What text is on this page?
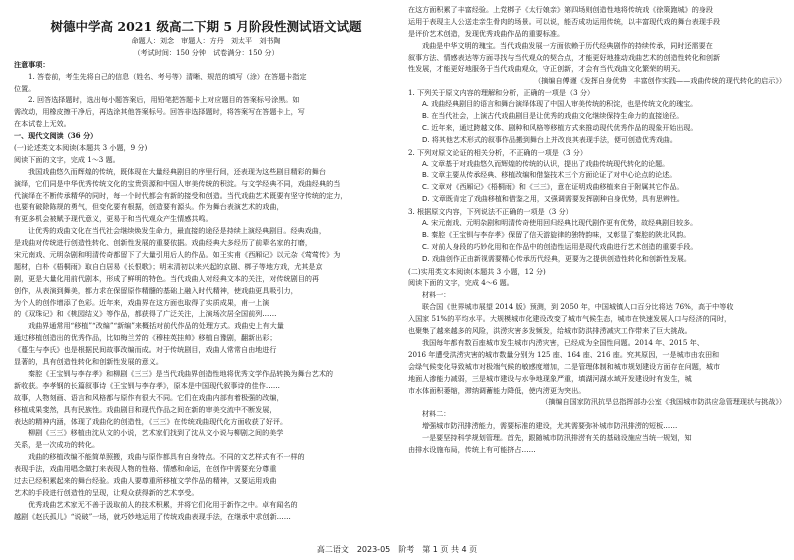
树德中学高 2021 级高二下期 5 月阶段性测试语文试题
命题人：刘念　审题人：方丹　刘太平　刘书陶
（考试时间：150 分钟　试卷满分：150 分）
注意事项：
1. 答卷前，考生先将自己的信息（姓名、考号等）清晰、规范的填写（涂）在答题卡指定
位置。
2. 回答选择题时，选出每小题答案后，用铅笔把答题卡上对应题目的答案标号涂黑。如
需改动，用橡皮擦干净后，再选涂其他答案标号。回答非选择题时，将答案写在答题卡上，写
在本试卷上无效。
一、现代文阅读（36 分）
(一)论述类文本阅读(本题共 3 小题，9 分)
阅读下面的文字，完成 1～3 题。
我国戏曲悠久而辉煌的传统，既体现在大量经典剧目的序里行间，还表现为这些剧目精彩的舞台
演绎，它们同是中华优秀传统文化的宝贵资源和中国人审美传统的积淀。与文学经典不同，戏曲经典的当
代演绎在不断传承精华的同时，每一个时代都会有新的接受和创造。当代戏曲艺术既要有坚守传统的定力，
也要有破除陈规的勇气，但变化要有根据，创造要有源头。作为舞台表演艺术的戏曲，
有更多机会被赋予现代意义，更易于和当代观众产生情感共鸣。
让优秀的戏曲文化在当代社会继续焕发生命力，最直接的途径是持续上演经典剧目。经典戏曲，
是戏曲对传统进行创造性转化、创新性发展的重要依据。戏曲经典大多经历了前辈名家的打磨，
宋元南戏、元明杂剧和明清传奇都留下了大量引用后人的作品。如王实甫《西厢记》以元杂《莺莺传》为
题材，白朴《梧桐雨》取自白居易《长恨歌》；明末清初以来兴起的京剧、梆子等地方戏，尤其是京
剧，更是大量化用前代剧本，形成了鲜明的特色。当代戏曲人对经典文本的关注，对传统剧目的再
创作，从表演到舞美，都力求在保留原作精髓的基础上融入时代精神，使戏曲更具吸引力，
为个人的创作增添了色彩。近年来，戏曲界在这方面也取得了实质成果，甫一上演
的《双珠记》和《桃园结义》等作品，都获得了广泛关注，上演场次居全国前列……
戏曲界通常用“移植”“改编”“新编”来概括对前代作品的处理方式。戏曲史上有大量
通过移植创造出的优秀作品，比如梅兰芳的《穆桂英挂帅》移植自豫剧，翻新出彩；
《蔓生与李氏》也是根据民间故事改编而成。对于传统剧目，戏曲人常常自由地进行
显著的，具有创造性转化和创新性发展的意义。
秦腔《王宝钏与李存孝》和柳剧《三三》是当代戏曲界创造性地将优秀文学作品转换为舞台艺术的
新收获。李孝钢的长篇叙事诗《王宝钏与李存孝》，原本是中国现代叙事诗的佳作……
故事，人物刻画、语言和风格都与原作有很大不同。它们在戏曲内部有着极强的改编，
移植成果斐然，具有民族性。戏曲剧目和现代作品之间在新的审美交流中不断发展，
表达的精神内涵，体现了戏曲化的创造性，《三三》在传统戏曲现代化方面收获了好评。
柳剧《三三》移植由沈从文的小说，艺术家们找到了沈从文小说与柳剧之间的美学
关系，是一次成功的转化。
戏曲的移植改编不能简单照搬，戏曲与原作都具有自身特点。不同的文艺样式有不一样的
表现手法，戏曲用唱念做打来表现人物的性格、情感和命运，在创作中需要充分尊重
过去已经积累起来的舞台经验。戏曲人要尊重所移植文学作品的精神，又要运用戏曲
艺术的手段进行创造性的呈现，让观众获得新的艺术享受。
优秀戏曲艺术家无不善于汲取前人的技术积累，并将它们化用于新作之中。卓有闻名的
越剧《赵氏孤儿》“说破”一场，就巧妙地运用了传统戏曲表现手法，在继承中求创新……
在这方面积累了丰富经验。上党梆子《太行娘亲》第四场则创造性地将传统戏《徐策跑城》的身段
运用于表现主人公送走亲生骨肉的场景。可以说，能否成功运用传统，以丰富现代戏的舞台表现手段
是评价艺术创造，发现优秀戏曲作品的重要标准。
戏曲是中华文明的瑰宝。当代戏曲发展一方面依赖于历代经典剧作的持续传承，同时还需要在
叙事方法、情感表达等方面寻找与当代观众的契合点，才能更好地推动戏曲艺术的创造性转化和创新
性发展，才能更好地服务于当代戏曲观众，守正创新，才会有当代戏曲文化繁荣的明天。
（摘编自傅谨《发挥自身优势　丰富创作实践——戏曲传统的现代转化的启示》）
1. 下列关于原文内容的理解和分析，正确的一项是（3 分）
A. 戏曲经典剧目的语言和舞台演绎体现了中国人审美传统的积淀，也是传统文化的瑰宝。
B. 在当代社会，上演古代戏曲剧目是让优秀的戏曲文化继续保持生命力的直接途径。
C. 近年来，通过跨越文体、剧种和风格等移植方式来推动现代优秀作品的现象开始出现。
D. 将其他艺术形式的叙事作品搬到舞台上并改良其表现手法，便可创造优秀戏曲。
2. 下列对原文论证的相关分析，不正确的一项是（3 分）
A. 文章基于对戏曲悠久而辉煌的传统的认识，提出了戏曲传统现代转化的论题。
B. 文章主要从传承经典、移植改编和借鉴技术三个方面论证了对中心论点的论述。
C. 文章对《西厢记》《梧桐雨》和《三三》，意在证明戏曲移植来自于附属其它作品。
D. 文章既肯定了戏曲移植和借鉴之用，又强调需要发挥剧种自身优势，具有思辨性。
3. 根据原文内容，下列说法不正确的一项是（3 分）
A. 宋元南戏、元明杂剧和明清传奇使用回归经典比现代剧作更有优势，故经典剧目较多。
B. 秦腔《王宝钏与李存孝》保留了信天游旋律的独特韵味，又彰显了秦腔的陕北风韵。
C. 对前人身段的巧妙化用和在作品中的创造性运用是现代戏曲进行艺术创造的重要手段。
D. 戏曲创作正由新视需要精心传承历代经典，更要为之提供创造性转化和创新性发展。
(二)实用类文本阅读(本题共 3 小题，12 分)
阅读下面的文字，完成 4～6 题。
材料一：
联合国《世界城市展望 2014 版》预测，到 2050 年，中国城镇人口百分比将达 76%，高于中等收
入国家 51%的平均水平。大规模城市化建设改变了城市气候生态，城市在快速发展人口与经济的同时，
也聚集了越来越多的风险，洪涝灾害多发频发，给城市防洪排涝减灾工作带来了巨大挑战。
我国每年都有数百座城市发生城市内涝灾害，已经成为全国性问题。2014 年、2015 年、
2016 年遭受洪涝灾害的城市数量分别为 125 座、164 座、216 座。究其原因，一是城市由农田和
会绿气候变化导致城市对极端气候的敏感度增加，二是管理体制和城市规划建设方面存在问题，城市
地面人渗能力减弱，三是城市建设与水争地现象严重，填湖河湖水域开发建设时有发生，城
市水体面积萎缩，滞纳调蓄能力降低，使内涝更为突出。
（摘编自国家防汛抗旱总指挥部办公室《我国城市防洪应急管理现状与挑战》）
材料二：
增强城市防汛排涝能力，需要标准的建设，尤其需要弥补城市防汛排涝的短板……
一是要坚持科学规划管理。首先，跟随城市防汛排涝有关的基础设施应当统一规划，知
由排水设施布局，传统上有可能挤占……
高二语文　2023-05　阶考　第 1 页 共 4 页
